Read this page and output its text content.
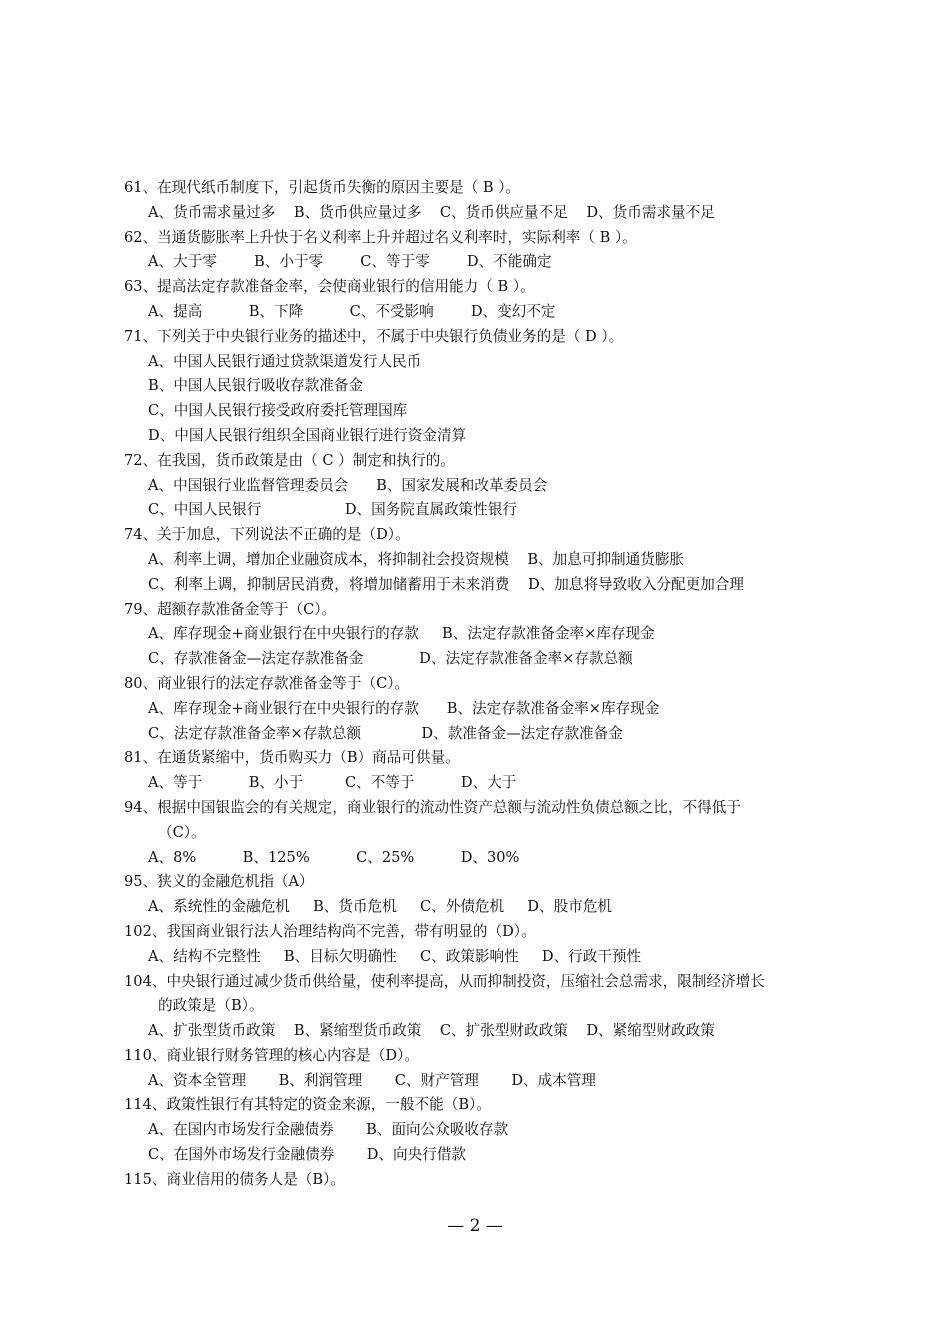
61、在现代纸币制度下，引起货币失衡的原因主要是（ B ）。
A、货币需求量过多    B、货币供应量过多    C、货币供应量不足    D、货币需求量不足
62、当通货膨胀率上升快于名义利率上升并超过名义利率时，实际利率（ B ）。
A、大于零        B、小于零        C、等于零        D、不能确定
63、提高法定存款准备金率，会使商业银行的信用能力（ B ）。
A、提高          B、下降          C、不受影响        D、变幻不定
71、下列关于中央银行业务的描述中，不属于中央银行负债业务的是（ D ）。
A、中国人民银行通过贷款渠道发行人民币
B、中国人民银行吸收存款准备金
C、中国人民银行接受政府委托管理国库
D、中国人民银行组织全国商业银行进行资金清算
72、在我国，货币政策是由（ C ）制定和执行的。
A、中国银行业监督管理委员会      B、国家发展和改革委员会
C、中国人民银行                  D、国务院直属政策性银行
74、关于加息，下列说法不正确的是（D）。
A、利率上调，增加企业融资成本，将抑制社会投资规模    B、加息可抑制通货膨胀
C、利率上调，抑制居民消费，将增加储蓄用于未来消费    D、加息将导致收入分配更加合理
79、超额存款准备金等于（C）。
A、库存现金+商业银行在中央银行的存款     B、法定存款准备金率×库存现金
C、存款准备金—法定存款准备金            D、法定存款准备金率×存款总额
80、商业银行的法定存款准备金等于（C）。
A、库存现金+商业银行在中央银行的存款      B、法定存款准备金率×库存现金
C、法定存款准备金率×存款总额             D、款准备金—法定存款准备金
81、在通货紧缩中，货币购买力（B）商品可供量。
A、等于          B、小于         C、不等于          D、大于
94、根据中国银监会的有关规定，商业银行的流动性资产总额与流动性负债总额之比，不得低于
（C）。
A、8%          B、125%          C、25%          D、30%
95、狭义的金融危机指（A）
A、系统性的金融危机     B、货币危机     C、外债危机     D、股市危机
102、我国商业银行法人治理结构尚不完善，带有明显的（D）。
A、结构不完整性     B、目标欠明确性     C、政策影响性     D、行政干预性
104、中央银行通过减少货币供给量，使利率提高，从而抑制投资，压缩社会总需求，限制经济增长
的政策是（B）。
A、扩张型货币政策    B、紧缩型货币政策    C、扩张型财政政策    D、紧缩型财政政策
110、商业银行财务管理的核心内容是（D）。
A、资本全管理       B、利润管理       C、财产管理       D、成本管理
114、政策性银行有其特定的资金来源，一般不能（B）。
A、在国内市场发行金融债券       B、面向公众吸收存款
C、在国外市场发行金融债券       D、向央行借款
115、商业信用的债务人是（B）。
— 2 —
